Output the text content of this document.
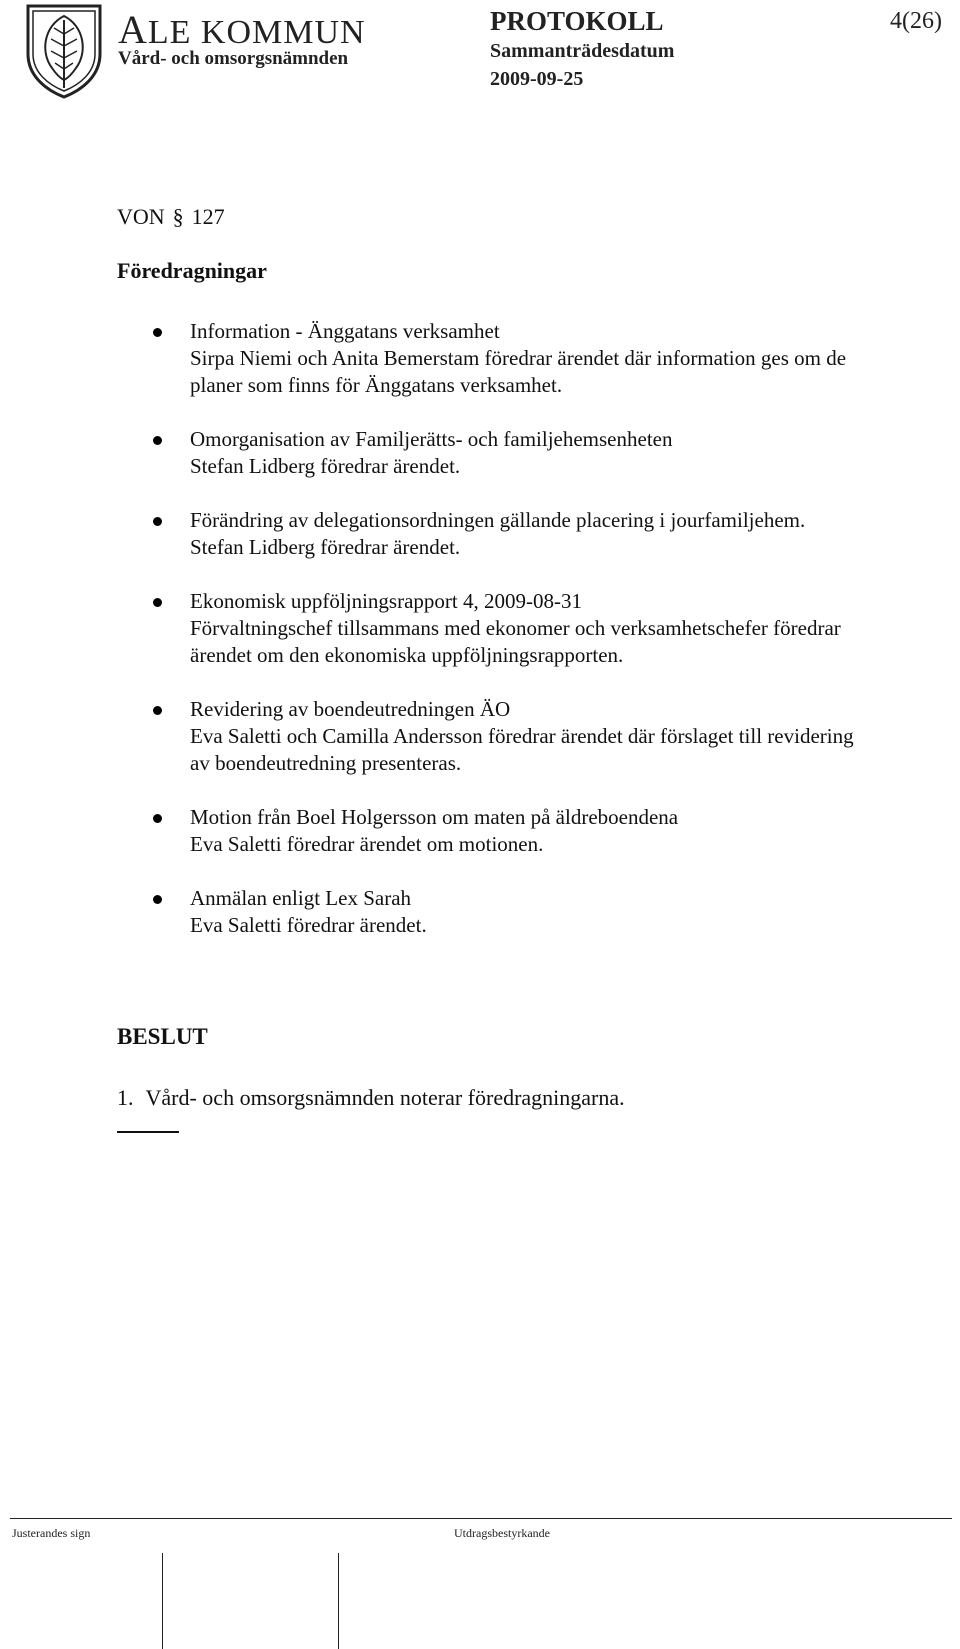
ALE KOMMUN
Vård- och omsorgsnämnden
PROTOKOLL	4(26)
Sammanträdesdatum
2009-09-25
VON § 127
Föredragningar
Information - Änggatans verksamhet
Sirpa Niemi och Anita Bemerstam föredrar ärendet där information ges om de
planer som finns för Änggatans verksamhet.
Omorganisation av Familjerätts- och familjehemsenheten
Stefan Lidberg föredrar ärendet.
Förändring av delegationsordningen gällande placering i jourfamiljehem.
Stefan Lidberg föredrar ärendet.
Ekonomisk uppföljningsrapport 4, 2009-08-31
Förvaltningschef tillsammans med ekonomer och verksamhetschefer föredrar
ärendet om den ekonomiska uppföljningsrapporten.
Revidering av boendeutredningen ÄO
Eva Saletti och Camilla Andersson föredrar ärendet där förslaget till revidering
av boendeutredning presenteras.
Motion från Boel Holgersson om maten på äldreboendena
Eva Saletti föredrar ärendet om motionen.
Anmälan enligt Lex Sarah
Eva Saletti föredrar ärendet.
BESLUT
1. Vård- och omsorgsnämnden noterar föredragningarna.
Justerandes sign	Utdragsbestyrkande
